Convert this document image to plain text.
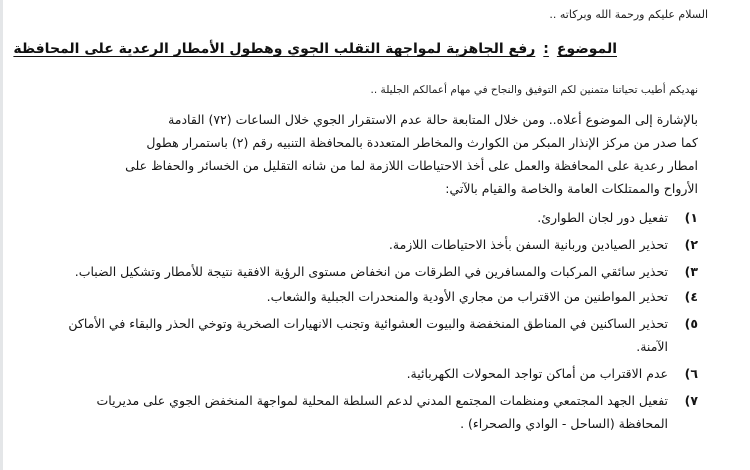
السلام عليكم ورحمة الله وبركاته ..
الموضوع:رفع الجاهزية لمواجهة التقلب الجوي وهطول الأمطار الرعدية على المحافظة
نهديكم أطيب تحياتنا متمنين لكم التوفيق والنجاح في مهام أعمالكم الجليلة ..
بالإشارة إلى الموضوع أعلاه.. ومن خلال المتابعة حالة عدم الاستقرار الجوي خلال الساعات (٧٢) القادمة
كما صدر من مركز الإنذار المبكر من الكوارث والمخاطر المتعددة بالمحافظة التنبيه رقم (٢) باستمرار هطول
امطار رعدية على المحافظة والعمل على أخذ الاحتياطات اللازمة لما من شانه التقليل من الخسائر والحفاظ على
الأرواح والممتلكات العامة والخاصة والقيام بالآتي:
١)
تفعيل دور لجان الطوارئ.
٢)
تحذير الصيادين وربانية السفن بأخذ الاحتياطات اللازمة.
٣)
تحذير سائقي المركبات والمسافرين في الطرقات من انخفاض مستوى الرؤية الافقية نتيجة للأمطار وتشكيل الضباب.
٤)
تحذير المواطنين من الاقتراب من مجاري الأودية والمنحدرات الجبلية والشعاب.
٥)
تحذير الساكنين في المناطق المنخفضة والبيوت العشوائية وتجنب الانهيارات الصخرية وتوخي الحذر والبقاء في الأماكن الآمنة.
٦)
عدم الاقتراب من أماكن تواجد المحولات الكهربائية.
٧)
تفعيل الجهد المجتمعي ومنظمات المجتمع المدني لدعم السلطة المحلية لمواجهة المنخفض الجوي على مديريات المحافظة (الساحل - الوادي والصحراء) .
